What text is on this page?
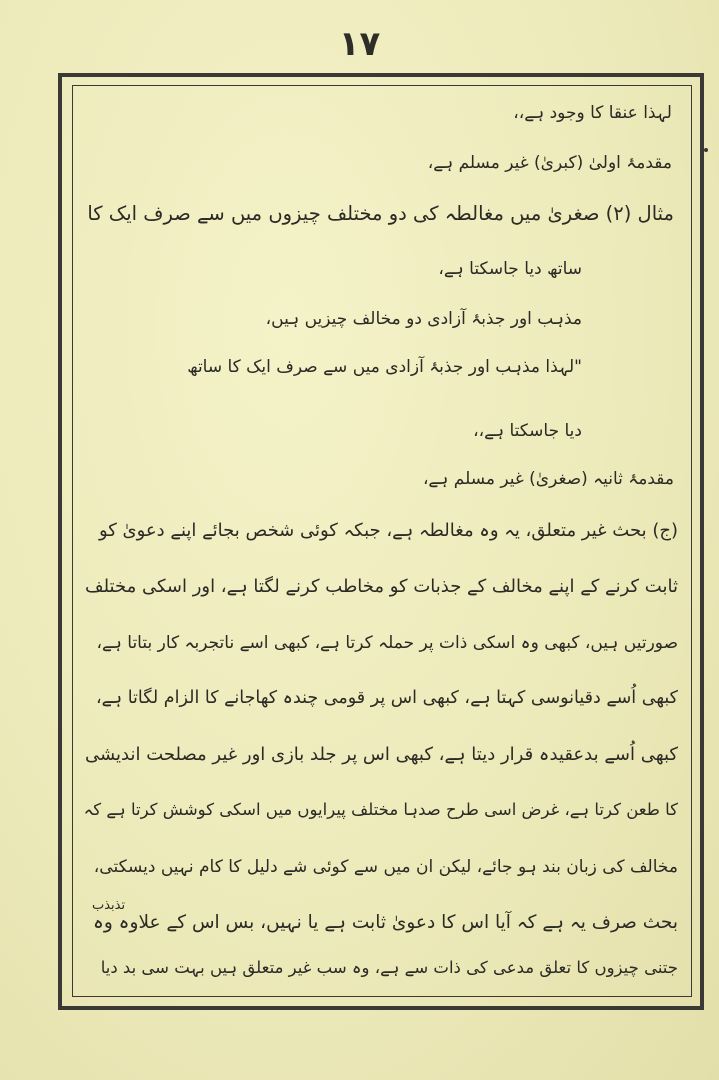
۱۷
لہذا عنقا کا وجود ہے،،
مقدمۂ اولیٰ (کبریٰ) غیر مسلم ہے،
مثال (۲) صغریٰ میں مغالطہ کی دو مختلف چیزوں میں سے صرف ایک کا
ساتھ دیا جاسکتا ہے،
مذہب اور جذبۂ آزادی دو مخالف چیزیں ہیں،
"لہذا مذہب اور جذبۂ آزادی میں سے صرف ایک کا ساتھ
دیا جاسکتا ہے،،
مقدمۂ ثانیہ (صغریٰ) غیر مسلم ہے،
(ج) بحث غیر متعلق، یہ وہ مغالطہ ہے، جبکہ کوئی شخص بجائے اپنے دعویٰ کو
ثابت کرنے کے اپنے مخالف کے جذبات کو مخاطب کرنے لگتا ہے، اور اسکی مختلف
صورتیں ہیں، کبھی وہ اسکی ذات پر حملہ کرتا ہے، کبھی اسے ناتجربہ کار بتاتا ہے،
کبھی اُسے دقیانوسی کہتا ہے، کبھی اس پر قومی چندہ کھاجانے کا الزام لگاتا ہے،
کبھی اُسے بدعقیدہ قرار دیتا ہے، کبھی اس پر جلد بازی اور غیر مصلحت اندیشی
کا طعن کرتا ہے، غرض اسی طرح صدہا مختلف پیرایوں میں اسکی کوشش کرتا ہے کہ
مخالف کی زبان بند ہو جائے، لیکن ان میں سے کوئی شے دلیل کا کام نہیں دیسکتی،
بحث صرف یہ ہے کہ آیا اس کا دعویٰ ثابت ہے یا نہیں، بس اس کے علاوہ وہ
جتنی چیزوں کا تعلق مدعی کی ذات سے ہے، وہ سب غیر متعلق ہیں بہت سی بد دیا
تذبذب
